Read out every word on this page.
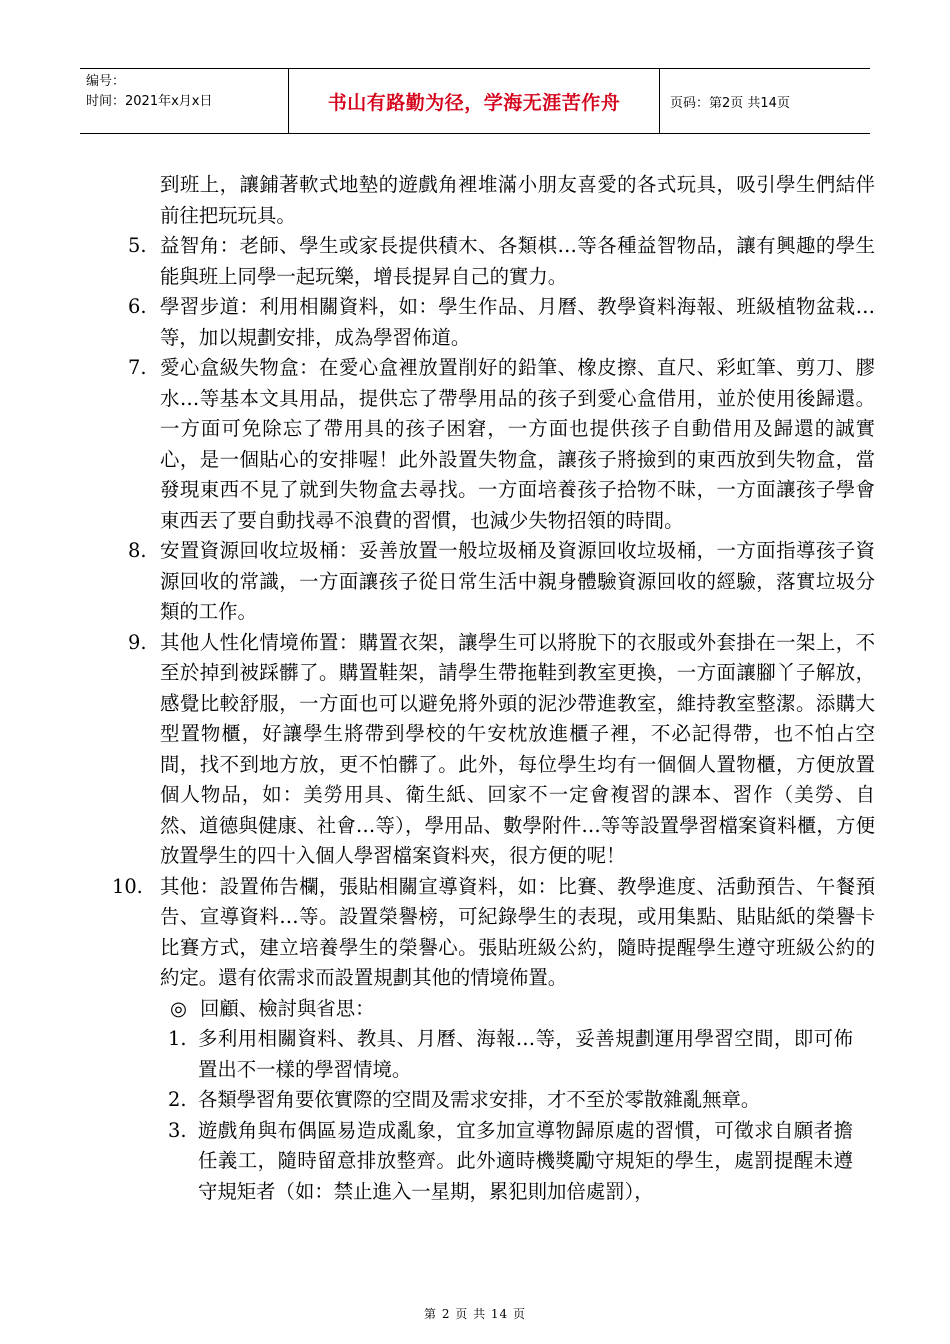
编号：
时间：2021年x月x日	书山有路勤为径，学海无涯苦作舟	页码：第2页 共14页
到班上，讓鋪著軟式地墊的遊戲角裡堆滿小朋友喜愛的各式玩具，吸引學生們結伴前往把玩玩具。
5. 益智角：老師、學生或家長提供積木、各類棋…等各種益智物品，讓有興趣的學生能與班上同學一起玩樂，增長提昇自己的實力。
6. 學習步道：利用相關資料，如：學生作品、月曆、教學資料海報、班級植物盆栽…等，加以規劃安排，成為學習佈道。
7. 愛心盒級失物盒：在愛心盒裡放置削好的鉛筆、橡皮擦、直尺、彩虹筆、剪刀、膠水…等基本文具用品，提供忘了帶學用品的孩子到愛心盒借用，並於使用後歸還。一方面可免除忘了帶用具的孩子困窘，一方面也提供孩子自動借用及歸還的誠實心，是一個貼心的安排喔！此外設置失物盒，讓孩子將撿到的東西放到失物盒，當發現東西不見了就到失物盒去尋找。一方面培養孩子拾物不昧，一方面讓孩子學會東西丟了要自動找尋不浪費的習慣，也減少失物招領的時間。
8. 安置資源回收垃圾桶：妥善放置一般垃圾桶及資源回收垃圾桶，一方面指導孩子資源回收的常識，一方面讓孩子從日常生活中親身體驗資源回收的經驗，落實垃圾分類的工作。
9. 其他人性化情境佈置：購置衣架，讓學生可以將脫下的衣服或外套掛在一架上，不至於掉到被踩髒了。購置鞋架，請學生帶拖鞋到教室更換，一方面讓腳丫子解放，感覺比較舒服，一方面也可以避免將外頭的泥沙帶進教室，維持教室整潔。添購大型置物櫃，好讓學生將帶到學校的午安枕放進櫃子裡，不必記得帶，也不怕占空間，找不到地方放，更不怕髒了。此外，每位學生均有一個個人置物櫃，方便放置個人物品，如：美勞用具、衛生紙、回家不一定會複習的課本、習作（美勞、自然、道德與健康、社會…等），學用品、數學附件…等等設置學習檔案資料櫃，方便放置學生的四十入個人學習檔案資料夾，很方便的呢！
10. 其他：設置佈告欄，張貼相關宣導資料，如：比賽、教學進度、活動預告、午餐預告、宣導資料…等。設置榮譽榜，可紀錄學生的表現，或用集點、貼貼紙的榮譽卡比賽方式，建立培養學生的榮譽心。張貼班級公約，隨時提醒學生遵守班級公約的約定。還有依需求而設置規劃其他的情境佈置。
◎ 回顧、檢討與省思：
1. 多利用相關資料、教具、月曆、海報…等，妥善規劃運用學習空間，即可佈置出不一樣的學習情境。
2. 各類學習角要依實際的空間及需求安排，才不至於零散雜亂無章。
3. 遊戲角與布偶區易造成亂象，宜多加宣導物歸原處的習慣，可徵求自願者擔任義工，隨時留意排放整齊。此外適時機獎勵守規矩的學生，處罰提醒未遵守規矩者（如：禁止進入一星期，累犯則加倍處罰），
第 2 页 共 14 页
